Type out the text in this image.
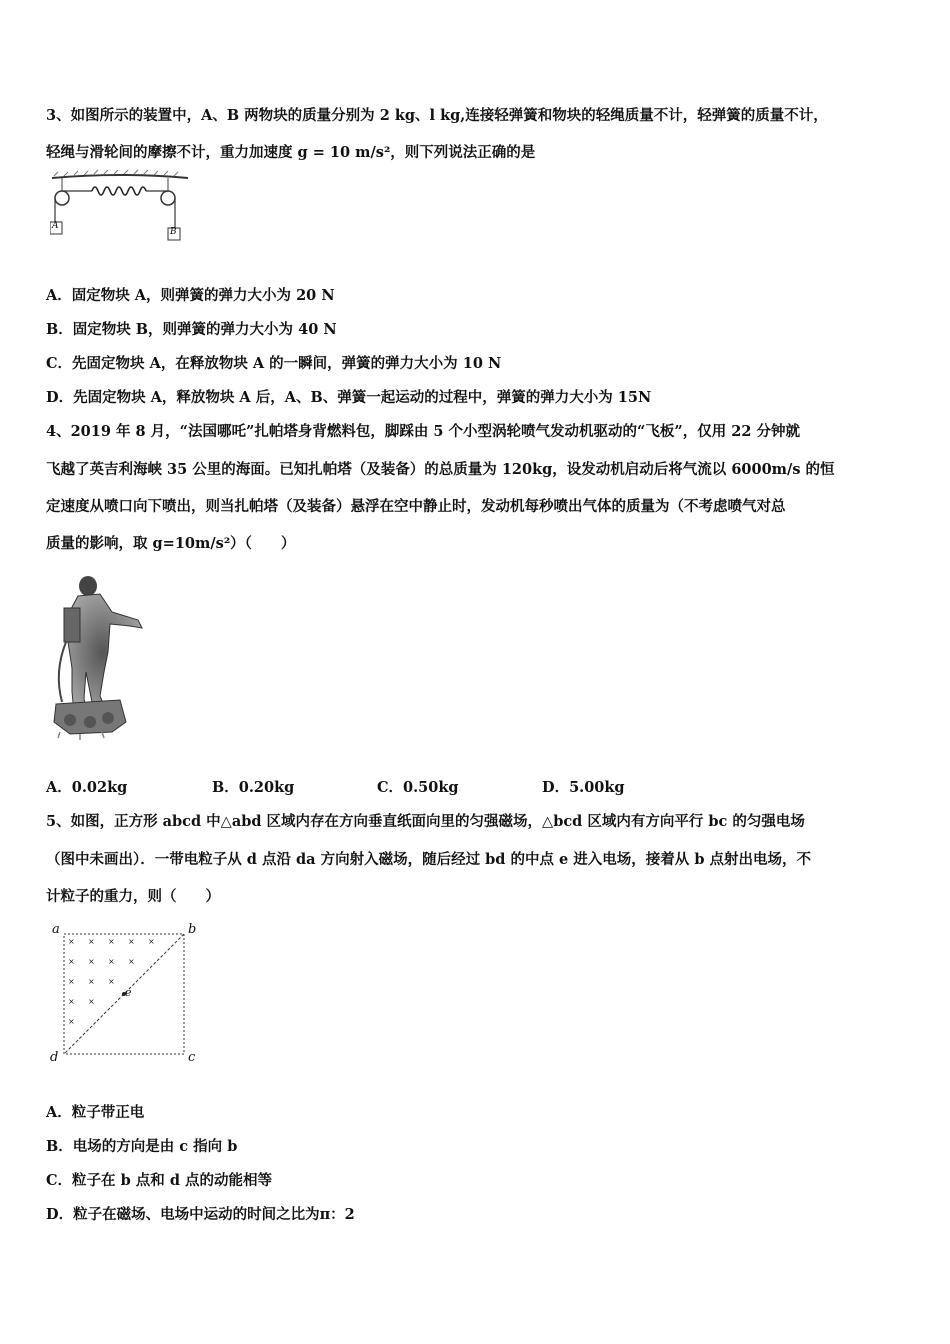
3、如图所示的装置中，A、B 两物块的质量分别为 2 kg、l kg,连接轻弹簧和物块的轻绳质量不计，轻弹簧的质量不计，
轻绳与滑轮间的摩擦不计，重力加速度 g = 10 m/s²，则下列说法正确的是
A
B
A．固定物块 A，则弹簧的弹力大小为 20 N
B．固定物块 B，则弹簧的弹力大小为 40 N
C．先固定物块 A，在释放物块 A 的一瞬间，弹簧的弹力大小为 10 N
D．先固定物块 A，释放物块 A 后，A、B、弹簧一起运动的过程中，弹簧的弹力大小为 15N
4、2019 年 8 月，“法国哪吒”扎帕塔身背燃料包，脚踩由 5 个小型涡轮喷气发动机驱动的“飞板”，仅用 22 分钟就
飞越了英吉利海峡 35 公里的海面。已知扎帕塔（及装备）的总质量为 120kg，设发动机启动后将气流以 6000m/s 的恒
定速度从喷口向下喷出，则当扎帕塔（及装备）悬浮在空中静止时，发动机每秒喷出气体的质量为（不考虑喷气对总
质量的影响，取 g=10m/s²）（　　）
A．0.02kg	B．0.20kg	C．0.50kg	D．5.00kg
5、如图，正方形 abcd 中△abd 区域内存在方向垂直纸面向里的匀强磁场，△bcd 区域内有方向平行 bc 的匀强电场
（图中未画出）．一带电粒子从 d 点沿 da 方向射入磁场，随后经过 bd 的中点 e 进入电场，接着从 b 点射出电场，不
计粒子的重力，则（　　）
× × × × ×
× × × ×
× × ×
× ×
×
a	b
c
d
e
A．粒子带正电
B．电场的方向是由 c 指向 b
C．粒子在 b 点和 d 点的动能相等
D．粒子在磁场、电场中运动的时间之比为π：2
